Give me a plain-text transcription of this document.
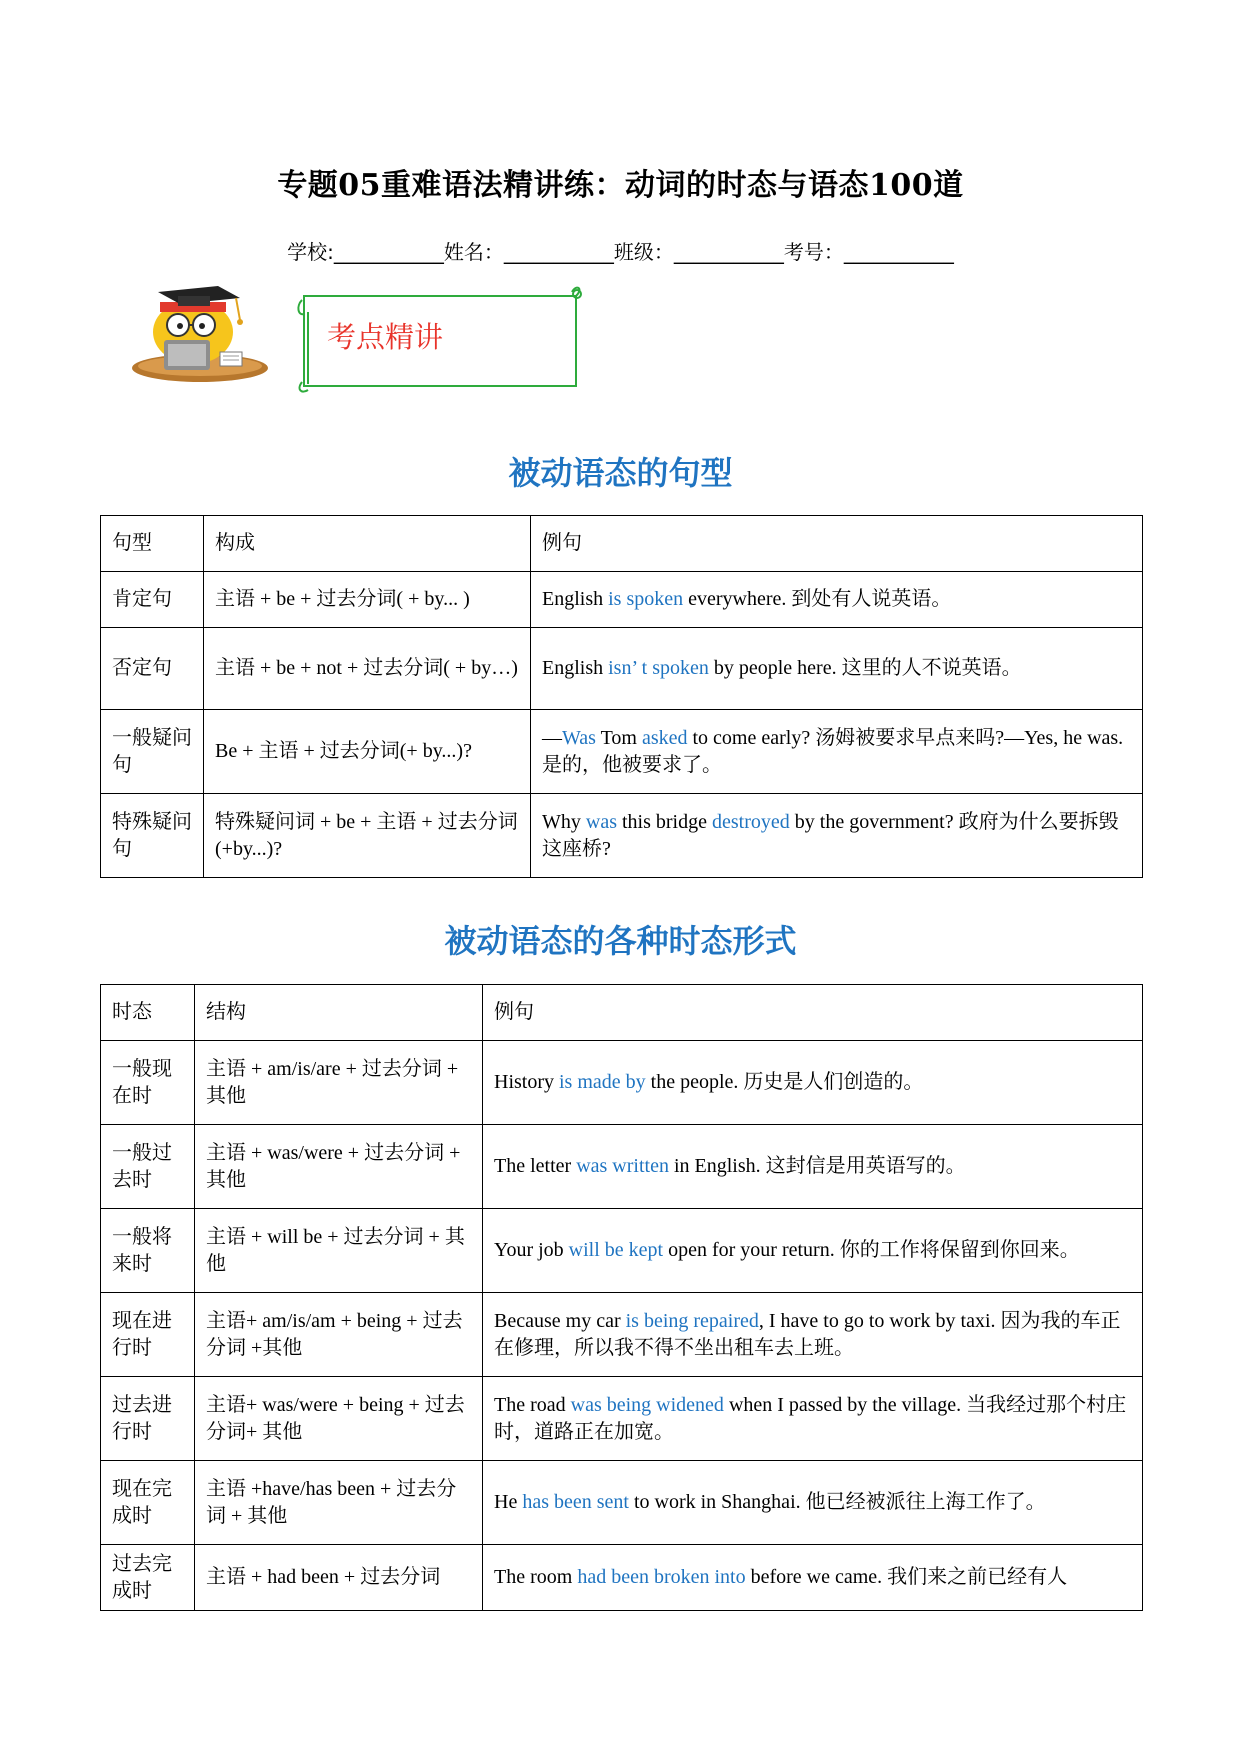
专题05重难语法精讲练：动词的时态与语态100道
学校:___________姓名：___________班级：___________考号：___________
考点精讲
被动语态的句型
句型	构成	例句
肯定句	主语 + be + 过去分词( + by... )	English is spoken everywhere. 到处有人说英语。
否定句	主语 + be + not + 过去分词( + by…)	English isn’ t spoken by people here. 这里的人不说英语。
一般疑问句	Be + 主语 + 过去分词(+ by...)?	—Was Tom asked to come early? 汤姆被要求早点来吗?—Yes, he was. 是的，他被要求了。
特殊疑问句	特殊疑问词 + be + 主语 + 过去分词(+by...)?	Why was this bridge destroyed by the government? 政府为什么要拆毁这座桥?
被动语态的各种时态形式
时态	结构	例句
一般现在时	主语 + am/is/are + 过去分词 + 其他	History is made by the people. 历史是人们创造的。
一般过去时	主语 + was/were + 过去分词 + 其他	The letter was written in English. 这封信是用英语写的。
一般将来时	主语 + will be + 过去分词 + 其他	Your job will be kept open for your return. 你的工作将保留到你回来。
现在进行时	主语+ am/is/am + being + 过去分词 +其他	Because my car is being repaired, I have to go to work by taxi. 因为我的车正在修理，所以我不得不坐出租车去上班。
过去进行时	主语+ was/were + being + 过去分词+ 其他	The road was being widened when I passed by the village. 当我经过那个村庄时，道路正在加宽。
现在完成时	主语 +have/has been + 过去分词 + 其他	He has been sent to work in Shanghai. 他已经被派往上海工作了。
过去完成时	主语 + had been + 过去分词	The room had been broken into before we came. 我们来之前已经有人
